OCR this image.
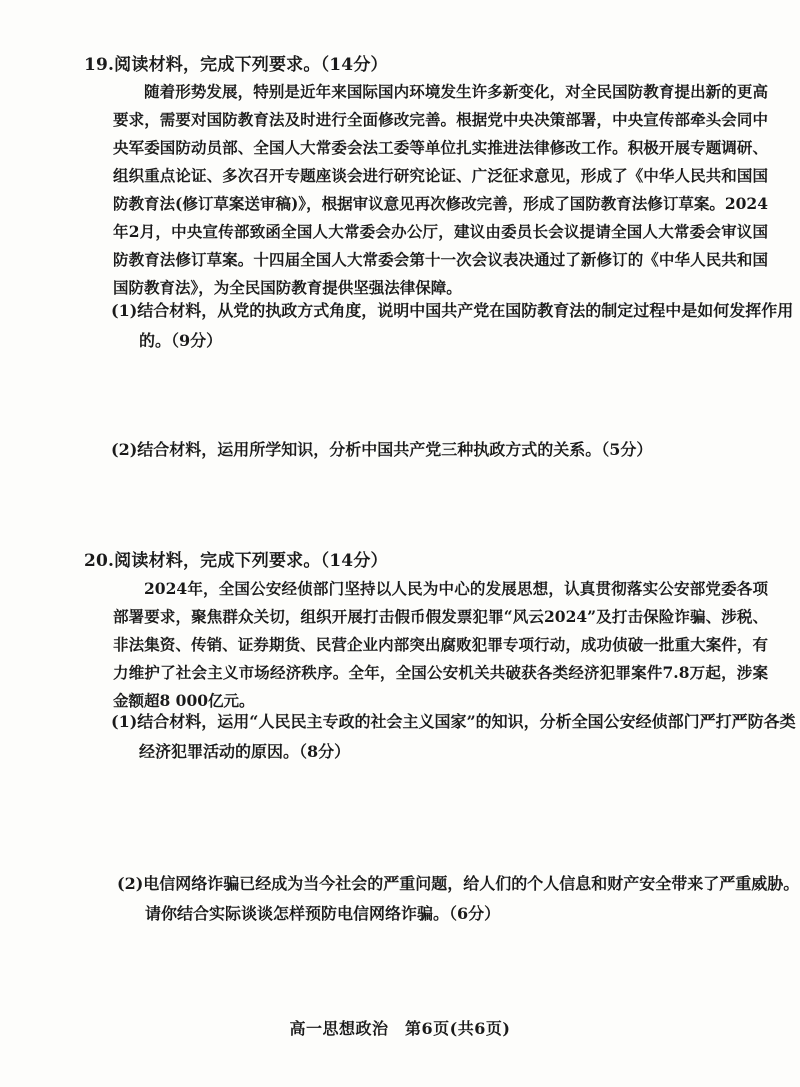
19.阅读材料，完成下列要求。（14分）
随着形势发展，特别是近年来国际国内环境发生许多新变化，对全民国防教育提出新的更高要求，需要对国防教育法及时进行全面修改完善。根据党中央决策部署，中央宣传部牵头会同中央军委国防动员部、全国人大常委会法工委等单位扎实推进法律修改工作。积极开展专题调研、组织重点论证、多次召开专题座谈会进行研究论证、广泛征求意见，形成了《中华人民共和国国防教育法(修订草案送审稿)》，根据审议意见再次修改完善，形成了国防教育法修订草案。2024年2月，中央宣传部致函全国人大常委会办公厅，建议由委员长会议提请全国人大常委会审议国防教育法修订草案。十四届全国人大常委会第十一次会议表决通过了新修订的《中华人民共和国国防教育法》，为全民国防教育提供坚强法律保障。
(1)结合材料，从党的执政方式角度，说明中国共产党在国防教育法的制定过程中是如何发挥作用的。（9分）
(2)结合材料，运用所学知识，分析中国共产党三种执政方式的关系。（5分）
20.阅读材料，完成下列要求。（14分）
2024年，全国公安经侦部门坚持以人民为中心的发展思想，认真贯彻落实公安部党委各项部署要求，聚焦群众关切，组织开展打击假币假发票犯罪“风云2024”及打击保险诈骗、涉税、非法集资、传销、证券期货、民营企业内部突出腐败犯罪专项行动，成功侦破一批重大案件，有力维护了社会主义市场经济秩序。全年，全国公安机关共破获各类经济犯罪案件7.8万起，涉案金额超8 000亿元。
(1)结合材料，运用“人民民主专政的社会主义国家”的知识，分析全国公安经侦部门严打严防各类经济犯罪活动的原因。（8分）
(2)电信网络诈骗已经成为当今社会的严重问题，给人们的个人信息和财产安全带来了严重威胁。请你结合实际谈谈怎样预防电信网络诈骗。（6分）
高一思想政治　第6页(共6页)
